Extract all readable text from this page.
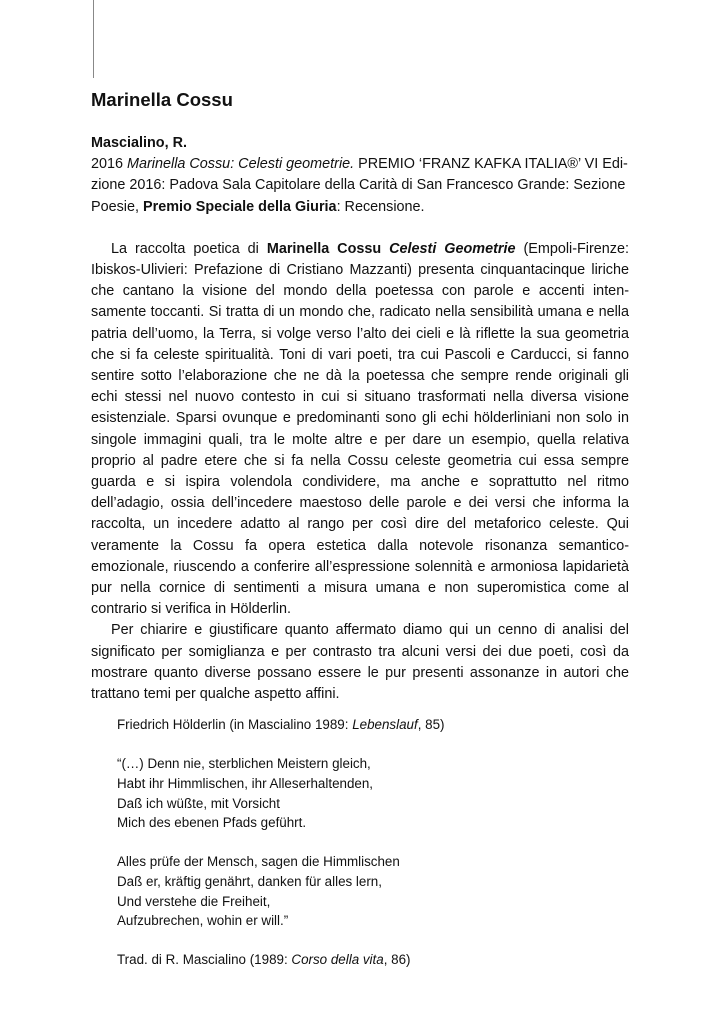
Marinella Cossu
Mascialino, R.
2016 Marinella Cossu: Celesti geometrie. PREMIO ‘FRANZ KAFKA ITALIA®’ VI Edi-zione 2016: Padova Sala Capitolare della Carità di San Francesco Grande: Sezione Poesie, Premio Speciale della Giuria: Recensione.

La raccolta poetica di Marinella Cossu Celesti Geometrie (Empoli-Firenze: Ibiskos-Ulivieri: Prefazione di Cristiano Mazzanti) presenta cinquantacinque liriche che cantano la visione del mondo della poetessa con parole e accenti inten-samente toccanti. Si tratta di un mondo che, radicato nella sensibilità umana e nella patria dell’uomo, la Terra, si volge verso l’alto dei cieli e là riflette la sua geometria che si fa celeste spiritualità. Toni di vari poeti, tra cui Pascoli e Carducci, si fanno sentire sotto l’elaborazione che ne dà la poetessa che sempre rende originali gli echi stessi nel nuovo contesto in cui si situano trasformati nella diversa visione esistenziale. Sparsi ovunque e predominanti sono gli echi hölderliniani non solo in singole immagini quali, tra le molte altre e per dare un esempio, quella relativa proprio al padre etere che si fa nella Cossu celeste geometria cui essa sempre guarda e si ispira volendola condividere, ma anche e soprattutto nel ritmo dell’adagio, ossia dell’incedere maestoso delle parole e dei versi che informa la raccolta, un incedere adatto al rango per così dire del metaforico celeste. Qui veramente la Cossu fa opera estetica dalla notevole risonanza semantico-emozionale, riuscendo a conferire all’espressione solennità e armoniosa lapidarietà pur nella cornice di sentimenti a misura umana e non superomistica come al contrario si verifica in Hölderlin.

Per chiarire e giustificare quanto affermato diamo qui un cenno di analisi del significato per somiglianza e per contrasto tra alcuni versi dei due poeti, così da mostrare quanto diverse possano essere le pur presenti assonanze in autori che trattano temi per qualche aspetto affini.

Friedrich Hölderlin (in Mascialino 1989: Lebenslauf, 85)

“(…) Denn nie, sterblichen Meistern gleich,
Habt ihr Himmlischen, ihr Alleserhaltenden,
Daß ich wüßte, mit Vorsicht
Mich des ebenen Pfads geführt.
Alles prüfe der Mensch, sagen die Himmlischen
Daß er, kräftig genährt, danken für alles lern,
Und verstehe die Freiheit,
Aufzubrechen, wohin er will.”

Trad. di R. Mascialino (1989: Corso della vita, 86)
